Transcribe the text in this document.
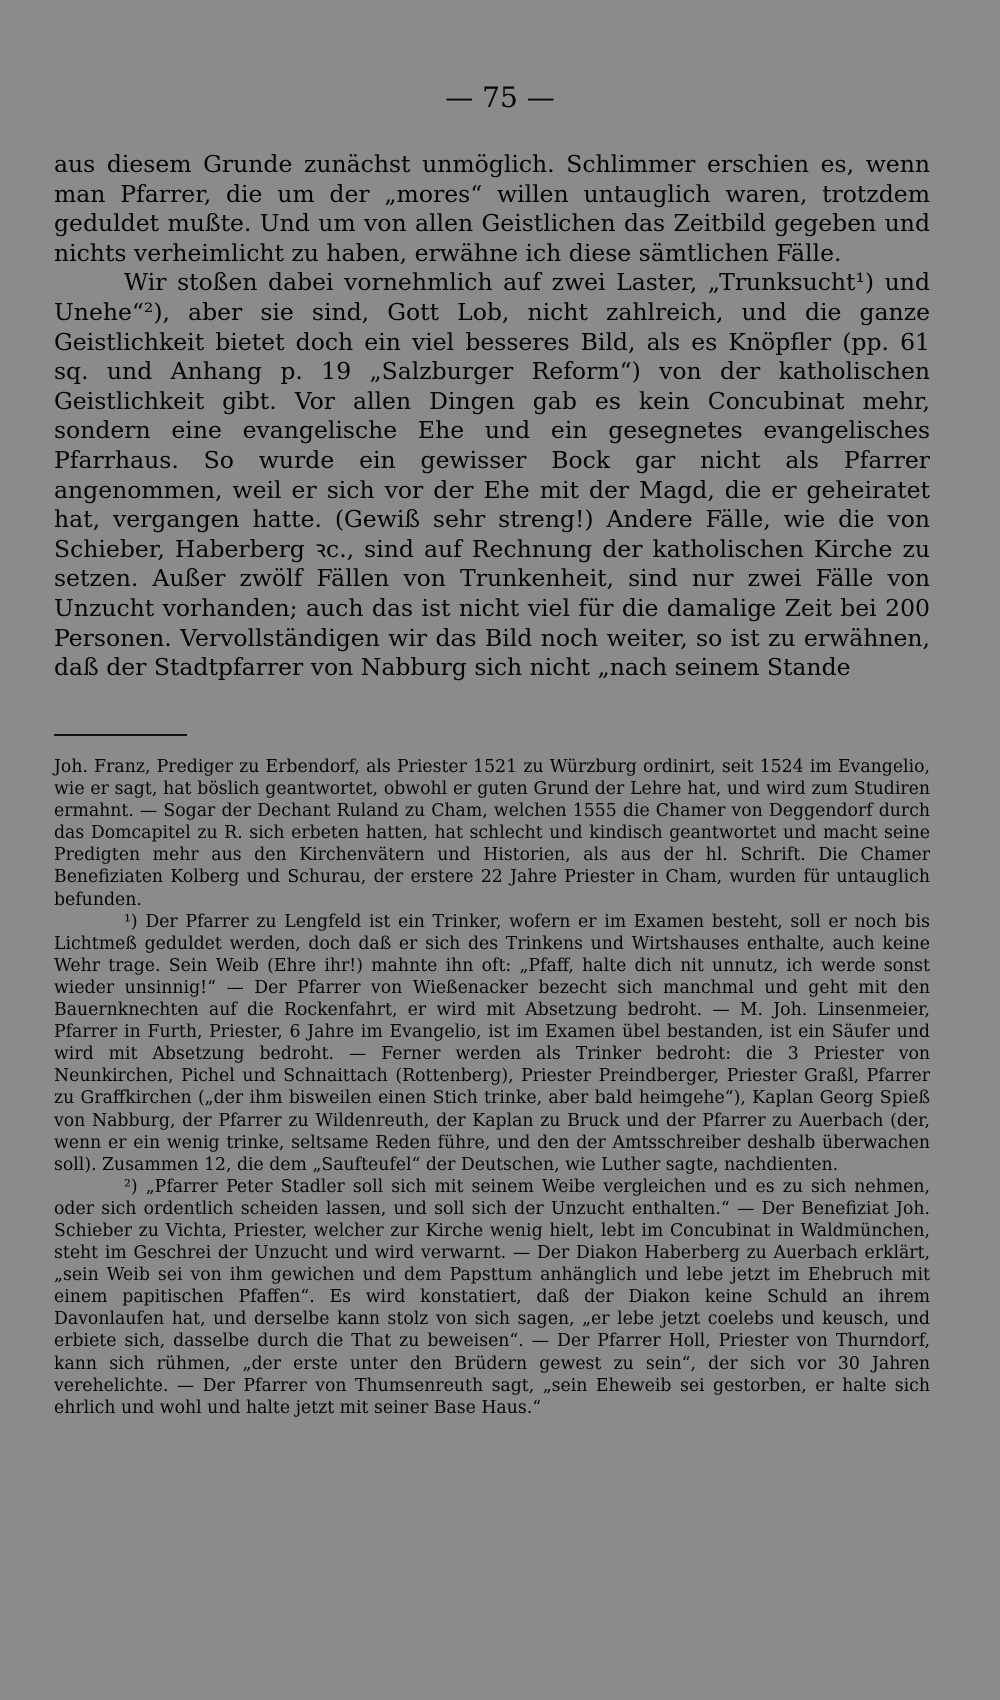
— 75 —

aus diesem Grunde zunächst unmöglich. Schlimmer erschien es, wenn man Pfarrer, die um der „mores“ willen untauglich waren, trotzdem geduldet mußte. Und um von allen Geistlichen das Zeitbild gegeben und nichts verheimlicht zu haben, erwähne ich diese sämtlichen Fälle.

Wir stoßen dabei vornehmlich auf zwei Laster, „Trunksucht¹) und Unehe“²), aber sie sind, Gott Lob, nicht zahlreich, und die ganze Geistlichkeit bietet doch ein viel besseres Bild, als es Knöpfler (pp. 61 sq. und Anhang p. 19 „Salzburger Reform“) von der katholischen Geistlichkeit gibt. Vor allen Dingen gab es kein Concubinat mehr, sondern eine evangelische Ehe und ein gesegnetes evangelisches Pfarrhaus. So wurde ein gewisser Bock gar nicht als Pfarrer angenommen, weil er sich vor der Ehe mit der Magd, die er geheiratet hat, vergangen hatte. (Gewiß sehr streng!) Andere Fälle, wie die von Schieber, Haberberg ꝛc., sind auf Rechnung der katholischen Kirche zu setzen. Außer zwölf Fällen von Trunkenheit, sind nur zwei Fälle von Unzucht vorhanden; auch das ist nicht viel für die damalige Zeit bei 200 Personen. Vervollständigen wir das Bild noch weiter, so ist zu erwähnen, daß der Stadtpfarrer von Nabburg sich nicht „nach seinem Stande

Joh. Franz, Prediger zu Erbendorf, als Priester 1521 zu Würzburg ordinirt, seit 1524 im Evangelio, wie er sagt, hat böslich geantwortet, obwohl er guten Grund der Lehre hat, und wird zum Studiren ermahnt. — Sogar der Dechant Ruland zu Cham, welchen 1555 die Chamer von Deggendorf durch das Domcapitel zu R. sich erbeten hatten, hat schlecht und kindisch geantwortet und macht seine Predigten mehr aus den Kirchenvätern und Historien, als aus der hl. Schrift. Die Chamer Benefiziaten Kolberg und Schurau, der erstere 22 Jahre Priester in Cham, wurden für untauglich befunden.

¹) Der Pfarrer zu Lengfeld ist ein Trinker, wofern er im Examen besteht, soll er noch bis Lichtmeß geduldet werden, doch daß er sich des Trinkens und Wirtshauses enthalte, auch keine Wehr trage. Sein Weib (Ehre ihr!) mahnte ihn oft: „Pfaff, halte dich nit unnutz, ich werde sonst wieder unsinnig!“ — Der Pfarrer von Wießenacker bezecht sich manchmal und geht mit den Bauernknechten auf die Rockenfahrt, er wird mit Absetzung bedroht. — M. Joh. Linsenmeier, Pfarrer in Furth, Priester, 6 Jahre im Evangelio, ist im Examen übel bestanden, ist ein Säufer und wird mit Absetzung bedroht. — Ferner werden als Trinker bedroht: die 3 Priester von Neunkirchen, Pichel und Schnaittach (Rottenberg), Priester Preindberger, Priester Graßl, Pfarrer zu Graffkirchen („der ihm bisweilen einen Stich trinke, aber bald heimgehe“), Kaplan Georg Spieß von Nabburg, der Pfarrer zu Wildenreuth, der Kaplan zu Bruck und der Pfarrer zu Auerbach (der, wenn er ein wenig trinke, seltsame Reden führe, und den der Amtsschreiber deshalb überwachen soll). Zusammen 12, die dem „Saufteufel“ der Deutschen, wie Luther sagte, nachdienten.

²) „Pfarrer Peter Stadler soll sich mit seinem Weibe vergleichen und es zu sich nehmen, oder sich ordentlich scheiden lassen, und soll sich der Unzucht enthalten.“ — Der Benefiziat Joh. Schieber zu Vichta, Priester, welcher zur Kirche wenig hielt, lebt im Concubinat in Waldmünchen, steht im Geschrei der Unzucht und wird verwarnt. — Der Diakon Haberberg zu Auerbach erklärt, „sein Weib sei von ihm gewichen und dem Papsttum anhänglich und lebe jetzt im Ehebruch mit einem papitischen Pfaffen“. Es wird konstatiert, daß der Diakon keine Schuld an ihrem Davonlaufen hat, und derselbe kann stolz von sich sagen, „er lebe jetzt coelebs und keusch, und erbiete sich, dasselbe durch die That zu beweisen“. — Der Pfarrer Holl, Priester von Thurndorf, kann sich rühmen, „der erste unter den Brüdern gewest zu sein“, der sich vor 30 Jahren verehelichte. — Der Pfarrer von Thumsenreuth sagt, „sein Eheweib sei gestorben, er halte sich ehrlich und wohl und halte jetzt mit seiner Base Haus.“
